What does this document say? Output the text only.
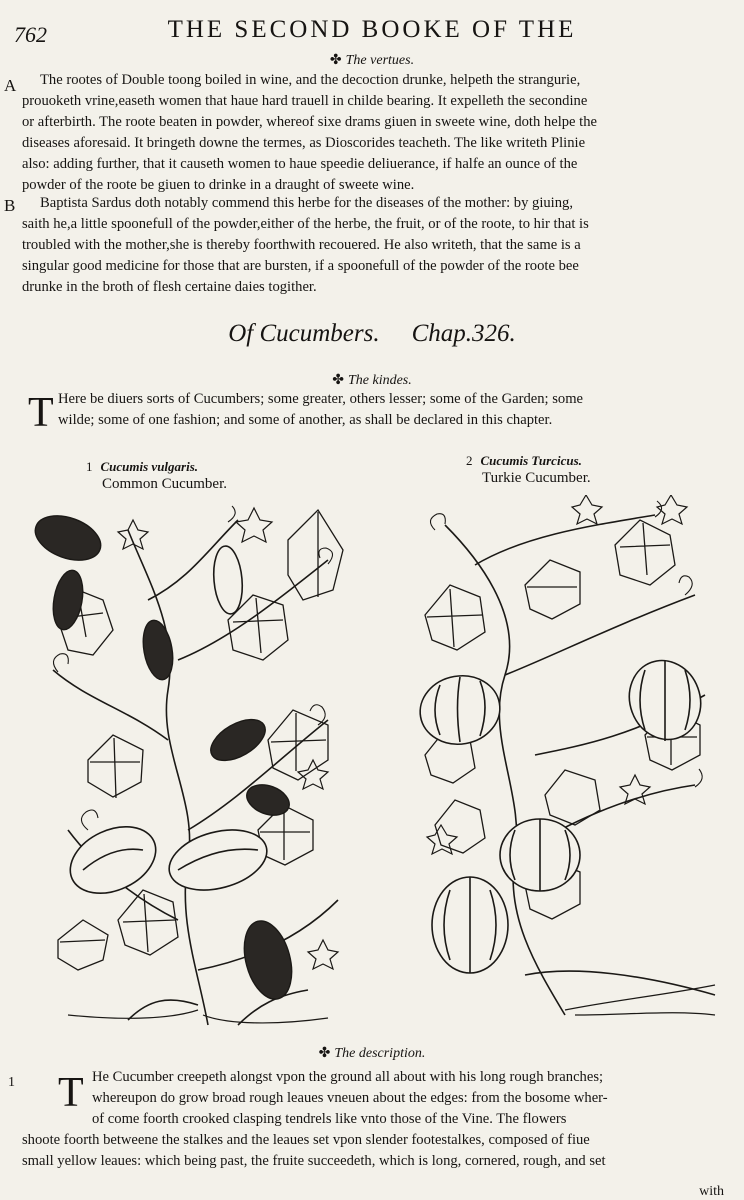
762	THE SECOND BOOKE OF THE
✤ The vertues.
A The rootes of Double toong boiled in wine, and the decoction drunke, helpeth the strangurie,
prouoketh vrine,easeth women that haue hard trauell in childe bearing. It expelleth the secondine
or afterbirth. The roote beaten in powder, whereof sixe drams giuen in sweete wine, doth helpe the
diseases aforesaid. It bringeth downe the termes, as Dioscorides teacheth. The like writeth Plinie
also: adding further, that it causeth women to haue speedie deliuerance, if halfe an ounce of the
powder of the roote be giuen to drinke in a draught of sweete wine.
B Baptista Sardus doth notably commend this herbe for the diseases of the mother: by giuing,
saith he,a little spoonefull of the powder,either of the herbe, the fruit, or of the roote, to hir that is
troubled with the mother,she is thereby foorthwith recouered. He also writeth, that the same is a
singular good medicine for those that are bursten, if a spoonefull of the powder of the roote bee
drunke in the broth of flesh certaine daies togither.
Of Cucumbers. Chap.326.
✤ The kindes.
T Here be diuers sorts of Cucumbers; some greater, others lesser; some of the Garden; some
wilde; some of one fashion; and some of another, as shall be declared in this chapter.
1 Cucumis vulgaris.
Common Cucumber.
2 Cucumis Turcicus.
Turkie Cucumber.
✤ The description.
1 T He Cucumber creepeth alongst vpon the ground all about with his long rough branches;
whereupon do grow broad rough leaues vneuen about the edges: from the bosome wher-
of come foorth crooked clasping tendrels like vnto those of the Vine. The flowers
shoote foorth betweene the stalkes and the leaues set vpon slender footestalkes, composed of fiue
small yellow leaues: which being past, the fruite succeedeth, which is long, cornered, rough, and set
with
